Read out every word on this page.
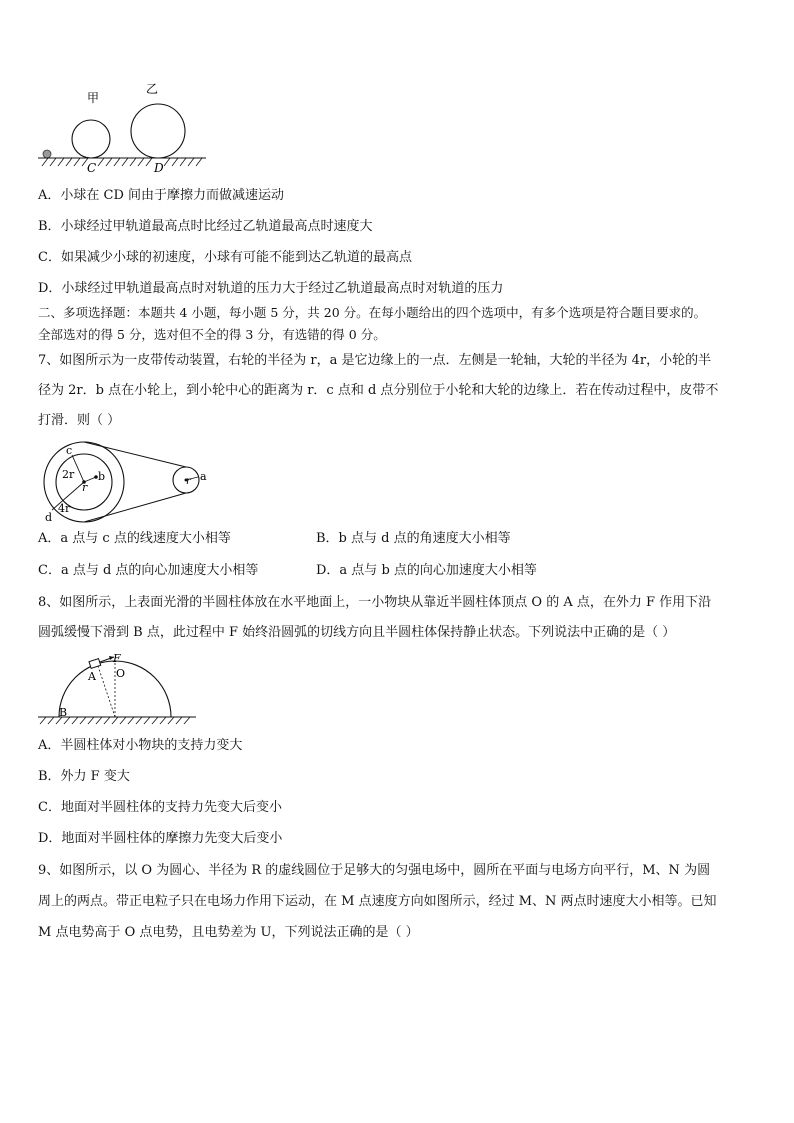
甲
乙
C	D
A．小球在 CD 间由于摩擦力而做减速运动
B．小球经过甲轨道最高点时比经过乙轨道最高点时速度大
C．如果减少小球的初速度，小球有可能不能到达乙轨道的最高点
D．小球经过甲轨道最高点时对轨道的压力大于经过乙轨道最高点时对轨道的压力
二、多项选择题：本题共 4 小题，每小题 5 分，共 20 分。在每小题给出的四个选项中，有多个选项是符合题目要求的。
全部选对的得 5 分，选对但不全的得 3 分，有选错的得 0 分。
7、如图所示为一皮带传动装置，右轮的半径为 r，a 是它边缘上的一点．左侧是一轮轴，大轮的半径为 4r，小轮的半
径为 2r．b 点在小轮上，到小轮中心的距离为 r．c 点和 d 点分别位于小轮和大轮的边缘上．若在传动过程中，皮带不
打滑．则（ ）
c
2r
r
b
4r
d
r a
A．a 点与 c 点的线速度大小相等	B．b 点与 d 点的角速度大小相等
C．a 点与 d 点的向心加速度大小相等	D．a 点与 b 点的向心加速度大小相等
8、如图所示，上表面光滑的半圆柱体放在水平地面上，一小物块从靠近半圆柱体顶点 O 的 A 点，在外力 F 作用下沿
圆弧缓慢下滑到 B 点，此过程中 F 始终沿圆弧的切线方向且半圆柱体保持静止状态。下列说法中正确的是（ ）
F
A O
B
A．半圆柱体对小物块的支持力变大
B．外力 F 变大
C．地面对半圆柱体的支持力先变大后变小
D．地面对半圆柱体的摩擦力先变大后变小
9、如图所示，以 O 为圆心、半径为 R 的虚线圆位于足够大的匀强电场中，圆所在平面与电场方向平行，M、N 为圆
周上的两点。带正电粒子只在电场力作用下运动，在 M 点速度方向如图所示，经过 M、N 两点时速度大小相等。已知
M 点电势高于 O 点电势，且电势差为 U，下列说法正确的是（ ）
